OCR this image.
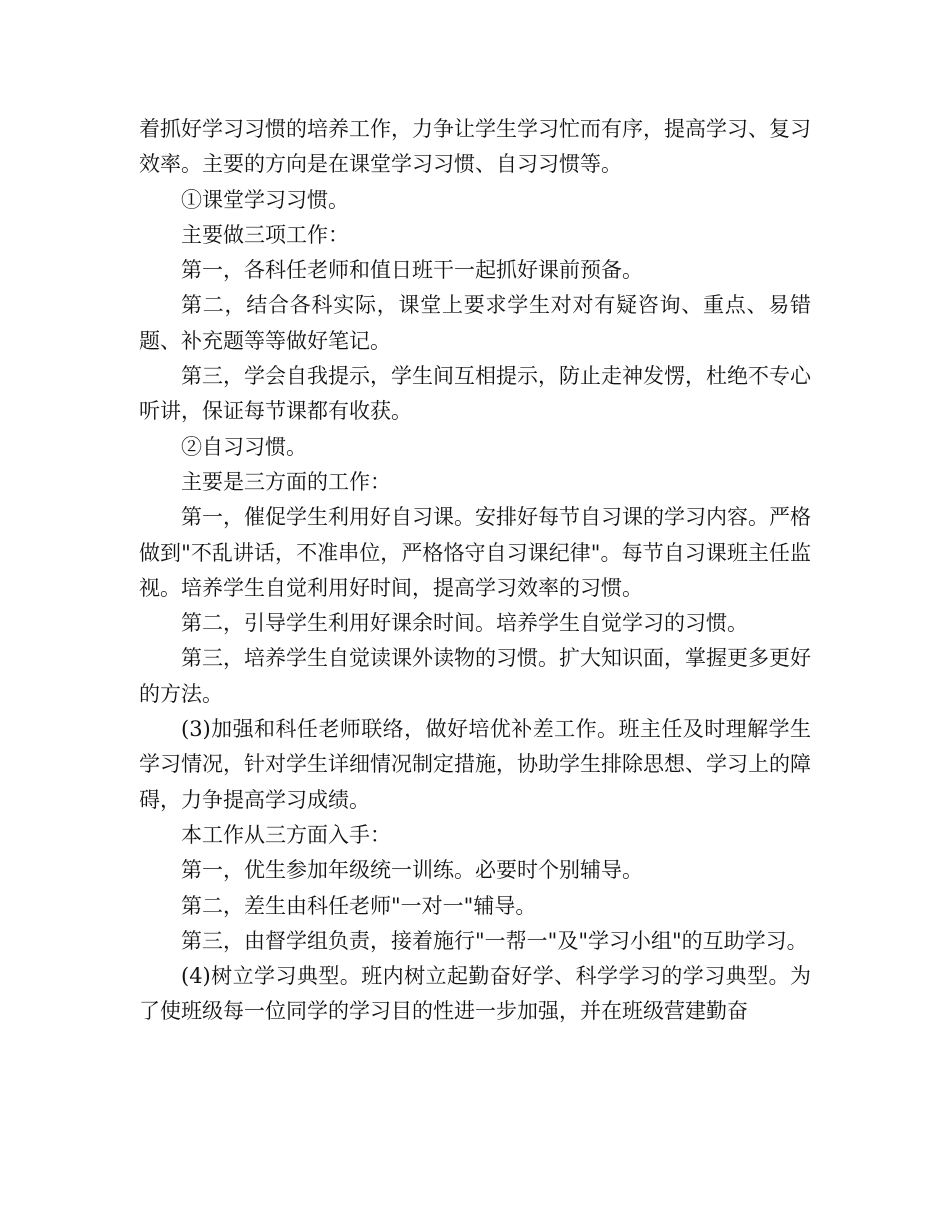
着抓好学习习惯的培养工作，力争让学生学习忙而有序，提高学习、复习效率。主要的方向是在课堂学习习惯、自习习惯等。

①课堂学习习惯。

主要做三项工作：

第一，各科任老师和值日班干一起抓好课前预备。

第二，结合各科实际，课堂上要求学生对对有疑咨询、重点、易错题、补充题等等做好笔记。

第三，学会自我提示，学生间互相提示，防止走神发愣，杜绝不专心听讲，保证每节课都有收获。

②自习习惯。

主要是三方面的工作：

第一，催促学生利用好自习课。安排好每节自习课的学习内容。严格做到"不乱讲话，不准串位，严格恪守自习课纪律"。每节自习课班主任监视。培养学生自觉利用好时间，提高学习效率的习惯。

第二，引导学生利用好课余时间。培养学生自觉学习的习惯。

第三，培养学生自觉读课外读物的习惯。扩大知识面，掌握更多更好的方法。

(3)加强和科任老师联络，做好培优补差工作。班主任及时理解学生学习情况，针对学生详细情况制定措施，协助学生排除思想、学习上的障碍，力争提高学习成绩。

本工作从三方面入手：

第一，优生参加年级统一训练。必要时个别辅导。

第二，差生由科任老师"一对一"辅导。

第三，由督学组负责，接着施行"一帮一"及"学习小组"的互助学习。

(4)树立学习典型。班内树立起勤奋好学、科学学习的学习典型。为了使班级每一位同学的学习目的性进一步加强，并在班级营建勤奋
